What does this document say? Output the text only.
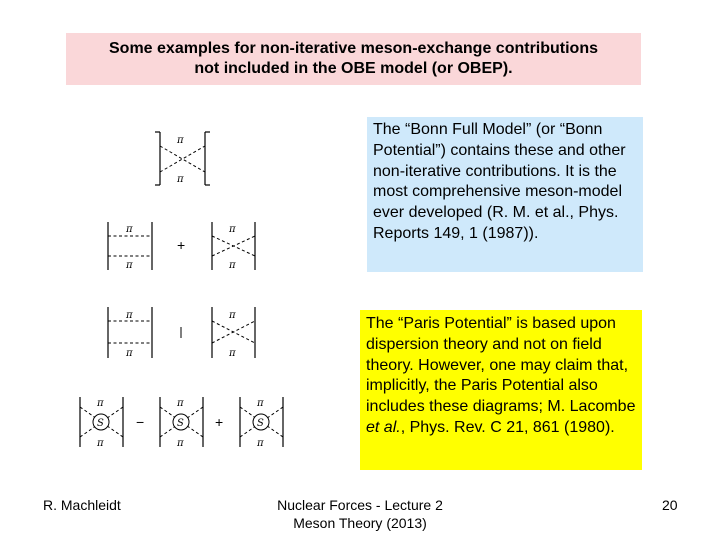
Some examples for non-iterative meson-exchange contributions
not included in the OBE model (or OBEP).
π
π
π
π
+
π
π
π
π
π
π
S
π
π
−	S
π
π
+	S
π
π
The “Bonn Full Model” (or “Bonn Potential”) contains these and other non-iterative contributions. It is the most comprehensive meson-model ever developed (R. M. et al., Phys. Reports 149, 1 (1987)).
The “Paris Potential” is based upon dispersion theory and not on field theory. However, one may claim that, implicitly, the Paris Potential also includes these diagrams; M. Lacombe et al., Phys. Rev. C 21, 861 (1980).
R. Machleidt	Nuclear Forces - Lecture 2
Meson Theory (2013)
20
